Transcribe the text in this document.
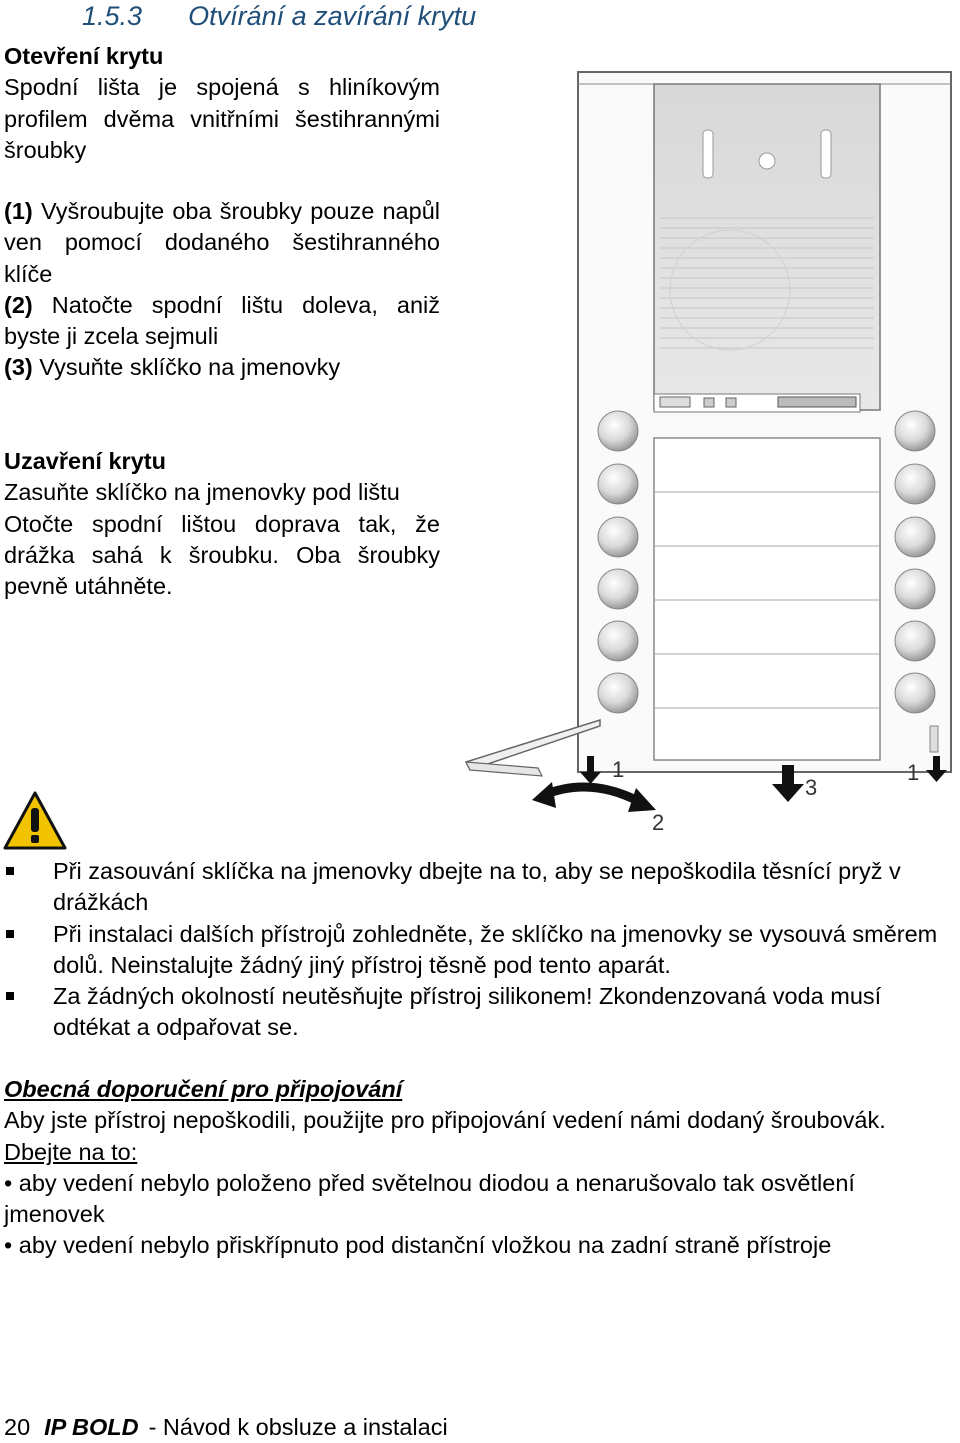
1.5.3 Otvírání a zavírání krytu

Otevření krytu

Spodní lišta je spojená s hliníkovým profilem dvěma vnitřními šestihrannými šroubky

(1) Vyšroubujte oba šroubky pouze napůl ven pomocí dodaného šestihranného klíče

(2) Natočte spodní lištu doleva, aniž byste ji zcela sejmuli

(3) Vysuňte sklíčko na jmenovky

Uzavření krytu

Zasuňte sklíčko na jmenovky pod lištu

Otočte spodní lištou doprava tak, že drážka sahá k šroubku. Oba šroubky pevně utáhněte.

1
2
3
1
Při zasouvání sklíčka na jmenovky dbejte na to, aby se nepoškodila těsnící pryž v drážkách
Při instalaci dalších přístrojů zohledněte, že sklíčko na jmenovky se vysouvá směrem dolů. Neinstalujte žádný jiný přístroj těsně pod tento aparát.
Za žádných okolností neutěsňujte přístroj silikonem! Zkondenzovaná voda musí odtékat a odpařovat se.

Obecná doporučení pro připojování

Aby jste přístroj nepoškodili, použijte pro připojování vedení námi dodaný šroubovák.

Dbejte na to:

• aby vedení nebylo položeno před světelnou diodou a nenarušovalo tak osvětlení jmenovek

• aby vedení nebylo přiskřípnuto pod distanční vložkou na zadní straně přístroje

20 IP BOLD - Návod k obsluze a instalaci
